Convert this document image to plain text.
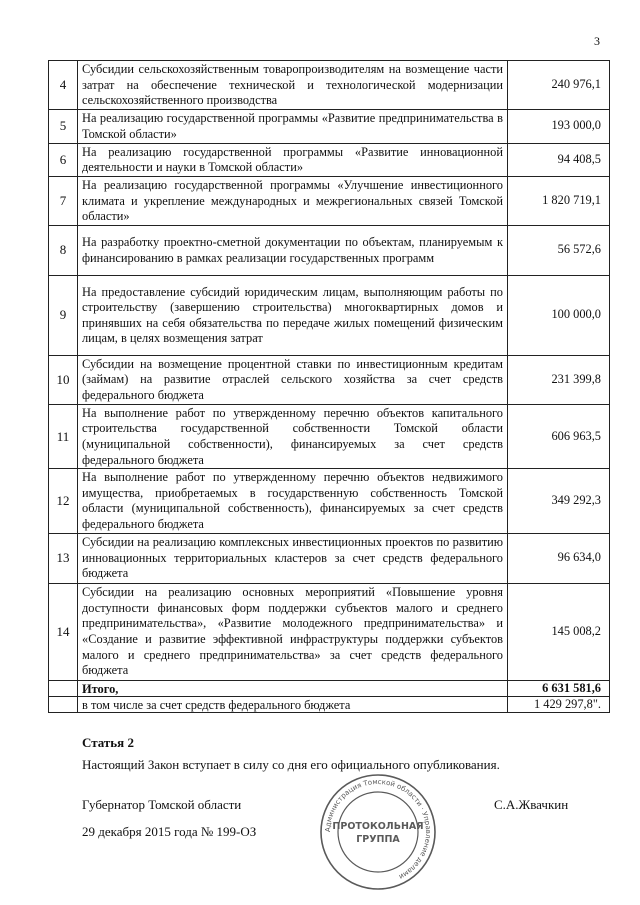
3
4	Субсидии сельскохозяйственным товаропроизводителям на возмещение части затрат на обеспечение технической и технологической модернизации сельскохозяйственного производства	240 976,1
5	На реализацию государственной программы «Развитие предпринимательства в Томской области»	193 000,0
6	На реализацию государственной программы «Развитие инновационной деятельности и науки в Томской области»	94 408,5
7	На реализацию государственной программы «Улучшение инвестиционного климата и укрепление международных и межрегиональных связей Томской области»	1 820 719,1
8	На разработку проектно-сметной документации по объектам, планируемым к финансированию в рамках реализации государственных программ	56 572,6
9	На предоставление субсидий юридическим лицам, выполняющим работы по строительству (завершению строительства) многоквартирных домов и принявших на себя обязательства по передаче жилых помещений физическим лицам, в целях возмещения затрат	100 000,0
10	Субсидии на возмещение процентной ставки по инвестиционным кредитам (займам) на развитие отраслей сельского хозяйства за счет средств федерального бюджета	231 399,8
11	На выполнение работ по утвержденному перечню объектов капитального строительства государственной собственности Томской области (муниципальной собственности), финансируемых за счет средств федерального бюджета	606 963,5
12	На выполнение работ по утвержденному перечню объектов недвижимого имущества, приобретаемых в государственную собственность Томской области (муниципальной собственность), финансируемых за счет средств федерального бюджета	349 292,3
13	Субсидии на реализацию комплексных инвестиционных проектов по развитию инновационных территориальных кластеров за счет средств федерального бюджета	96 634,0
14	Субсидии на реализацию основных мероприятий «Повышение уровня доступности финансовых форм поддержки субъектов малого и среднего предпринимательства», «Развитие молодежного предпринимательства» и «Создание и развитие эффективной инфраструктуры поддержки субъектов малого и среднего предпринимательства» за счет средств федерального бюджета	145 008,2
	Итого,	6 631 581,6
	в том числе за счет средств федерального бюджета	1 429 297,8".
Статья 2
Настоящий Закон вступает в силу со дня его официального опубликования.
Губернатор Томской области	С.А.Жвачкин
29 декабря 2015 года № 199-ОЗ	Администрация Томской области · Управление делами
ПРОТОКОЛЬНАЯ
ГРУППА
